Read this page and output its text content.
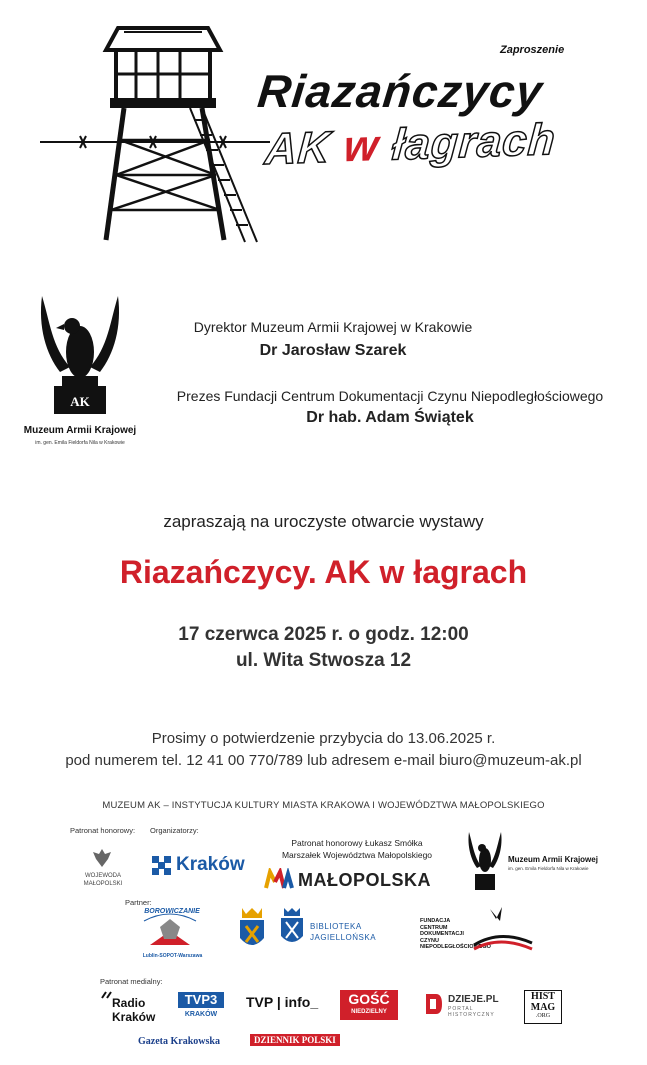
Zaproszenie
Riazańczycy
AK w łagrach
AK
Muzeum Armii Krajowej
im. gen. Emila Fieldorfa Nila w Krakowie
Dyrektor Muzeum Armii Krajowej w Krakowie
Dr Jarosław Szarek
Prezes Fundacji Centrum Dokumentacji Czynu Niepodległościowego
Dr hab. Adam Świątek
zapraszają na uroczyste otwarcie wystawy
Riazańczycy. AK w łagrach
17 czerwca 2025 r. o godz. 12:00
ul. Wita Stwosza 12
Prosimy o potwierdzenie przybycia do 13.06.2025 r.
pod numerem tel. 12 41 00 770/789 lub adresem e-mail biuro@muzeum-ak.pl
MUZEUM AK – INSTYTUCJA KULTURY MIASTA KRAKOWA I WOJEWÓDZTWA MAŁOPOLSKIEGO
Patronat honorowy: Organizatorzy:
Partner:
Patronat medialny:
WOJEWODA MAŁOPOLSKI
Kraków
Patronat honorowy Łukasz Smółka
Marszałek Województwa Małopolskiego
MAŁOPOLSKA
Muzeum Armii Krajowej
im. gen. Emila Fieldorfa Nila w Krakowie
BOROWICZANIE
Lublin-SOPOT-Warszawa
BIBLIOTEKA
JAGIELLOŃSKA
FUNDACJA
CENTRUM
DOKUMENTACJI
CZYNU
NIEPODLEGŁOŚCIOWEGO
Radio
Kraków
TVP3
KRAKÓW
TVP | info_	GOŚĆ
NIEDZIELNY
DZIEJE.PL
PORTAL
HISTORYCZNY
HIST
MAG
.ORG
Gazeta Krakowska	DZIENNIK POLSKI
